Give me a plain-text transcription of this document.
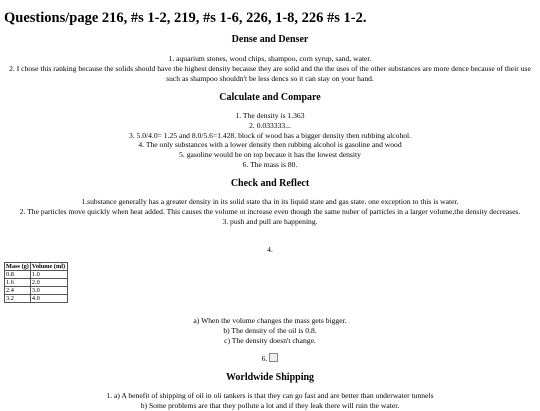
Questions/page 216, #s 1-2, 219, #s 1-6, 226, 1-8, 226 #s 1-2.
Dense and Denser
1. aquarium stones, wood chips, shampoo, corn syrup, sand, water.
2. I chose this ranking because the solids should have the highest density because they are solid and the the uses of the other substances are more dence because of their use such as shampoo shouldn't be less dencs so it can stay on your hand.
Calculate and Compare
1. The density is 1.363
2. 0.033333...
3. 5.0/4.0= 1.25 and 8.0/5.6=1.428. block of wood has a bigger density then rubbing alcohol.
4. The only substances with a lower density then rubbing alcohol is gasoline and wood
5. gasoline would be on top becaue it has the lowest density
6. The mass is 80.
Check and Reflect
1.substance generally has a greater density in its solid state tha in its liquid state and gas state. one exception to this is water.
2. The particles move quickly when heat added. This causes the volume ot increase even though the same nuber of particles in a larger volume,the density decreases.
3. push and pull are happening.
4.
Mass (g)	Volume (ml)
0.8	1.0
1.6	2.0
2.4	3.0
3.2	4.0
a) When the volume changes the mass gets bigger.
b) The density of the oil is 0.8.
c) The density doesn't change.
6.
Worldwide Shipping
1. a) A benefit of shipping of oil in oli tankers is that they can go fast and are better than underwater tunnels
b) Some problems are that they pollute a lot and if they leak there will ruin the water.
